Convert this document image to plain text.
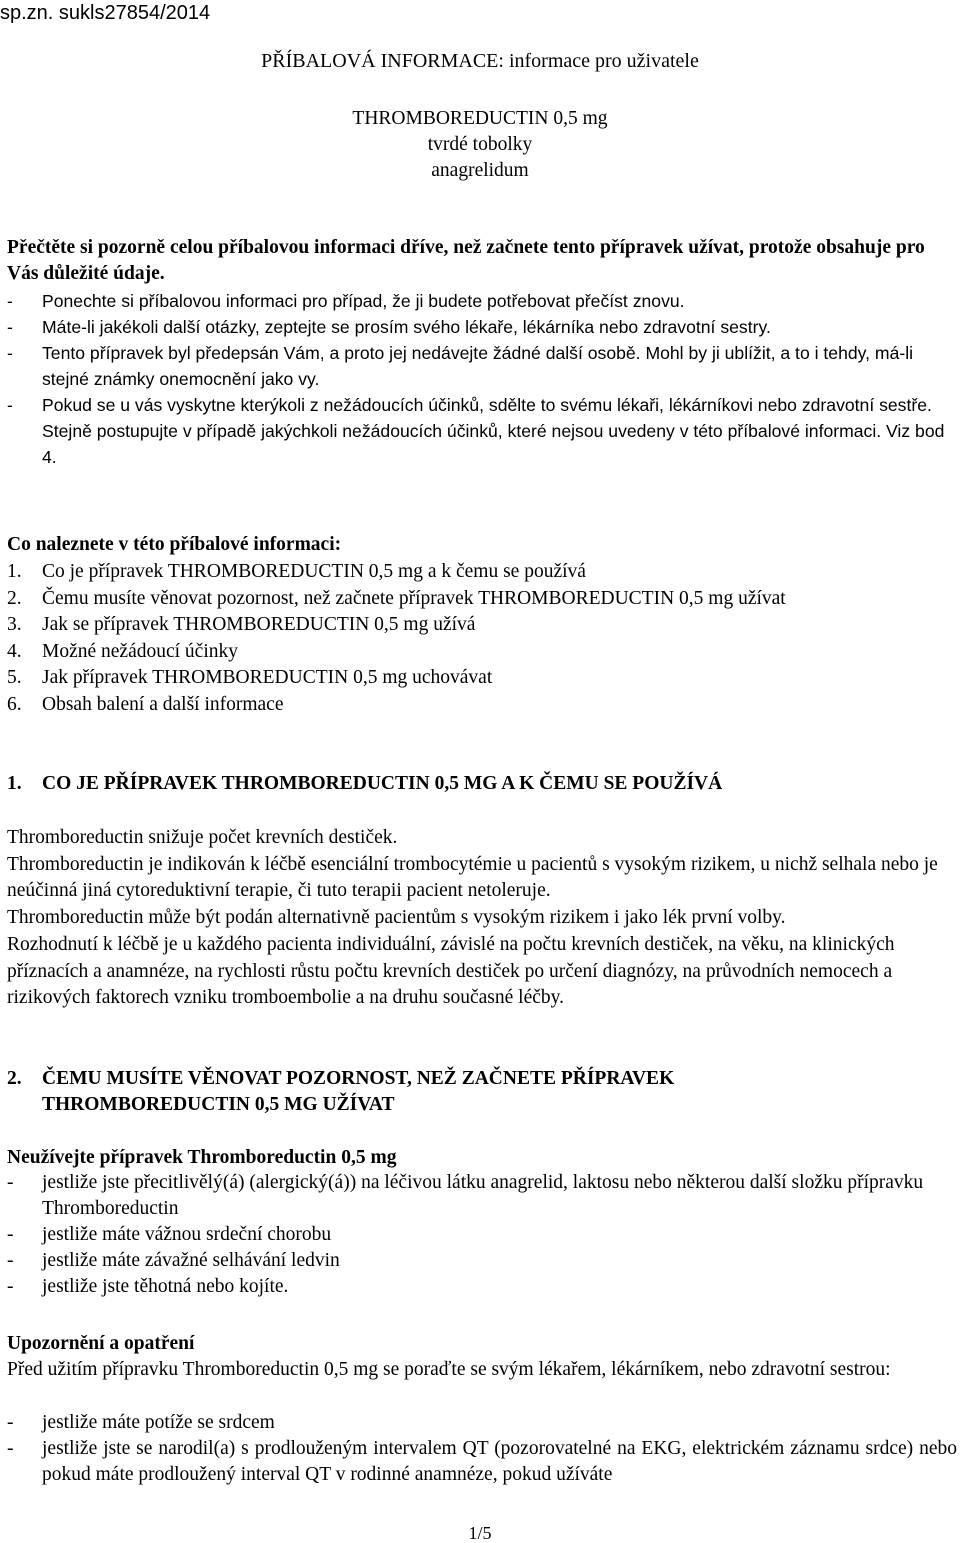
sp.zn. sukls27854/2014
PŘÍBALOVÁ INFORMACE: informace pro uživatele
THROMBOREDUCTIN 0,5 mg
tvrdé tobolky
anagrelidum
Přečtěte si pozorně celou příbalovou informaci dříve, než začnete tento přípravek užívat, protože obsahuje pro Vás důležité údaje.
- Ponechte si příbalovou informaci pro případ, že ji budete potřebovat přečíst znovu.
- Máte-li jakékoli další otázky, zeptejte se prosím svého lékaře, lékárníka nebo zdravotní sestry.
- Tento přípravek byl předepsán Vám, a proto jej nedávejte žádné další osobě. Mohl by ji ublížit, a to i tehdy, má-li stejné známky onemocnění jako vy.
- Pokud se u vás vyskytne kterýkoli z nežádoucích účinků, sdělte to svému lékaři, lékárníkovi nebo zdravotní sestře. Stejně postupujte v případě jakýchkoli nežádoucích účinků, které nejsou uvedeny v této příbalové informaci. Viz bod 4.
Co naleznete v této příbalové informaci:
1. Co je přípravek THROMBOREDUCTIN 0,5 mg a k čemu se používá
2. Čemu musíte věnovat pozornost, než začnete přípravek THROMBOREDUCTIN 0,5 mg užívat
3. Jak se přípravek THROMBOREDUCTIN 0,5 mg užívá
4. Možné nežádoucí účinky
5. Jak přípravek THROMBOREDUCTIN 0,5 mg uchovávat
6. Obsah balení a další informace
1.	CO JE PŘÍPRAVEK THROMBOREDUCTIN 0,5 MG A K ČEMU SE POUŽÍVÁ

Thromboreductin snižuje počet krevních destiček.

Thromboreductin je indikován k léčbě esenciální trombocytémie u pacientů s vysokým rizikem, u nichž selhala nebo je neúčinná jiná cytoreduktivní terapie, či tuto terapii pacient netoleruje.

Thromboreductin může být podán alternativně pacientům s vysokým rizikem i jako lék první volby.

Rozhodnutí k léčbě je u každého pacienta individuální, závislé na počtu krevních destiček, na věku, na klinických příznacích a anamnéze, na rychlosti růstu počtu krevních destiček po určení diagnózy, na průvodních nemocech a rizikových faktorech vzniku tromboembolie a na druhu současné léčby.

2.	ČEMU MUSÍTE VĚNOVAT POZORNOST, NEŽ ZAČNETE PŘÍPRAVEK
THROMBOREDUCTIN 0,5 MG UŽÍVAT
Neužívejte přípravek Thromboreductin 0,5 mg
- jestliže jste přecitlivělý(á) (alergický(á)) na léčivou látku anagrelid, laktosu nebo některou další složku přípravku Thromboreductin
- jestliže máte vážnou srdeční chorobu
- jestliže máte závažné selhávání ledvin
- jestliže jste těhotná nebo kojíte.
Upozornění a opatření

Před užitím přípravku Thromboreductin 0,5 mg se poraďte se svým lékařem, lékárníkem, nebo zdravotní sestrou:

- jestliže máte potíže se srdcem
- jestliže jste se narodil(a) s prodlouženým intervalem QT (pozorovatelné na EKG, elektrickém záznamu srdce) nebo pokud máte prodloužený interval QT v rodinné anamnéze, pokud užíváte
1/5
